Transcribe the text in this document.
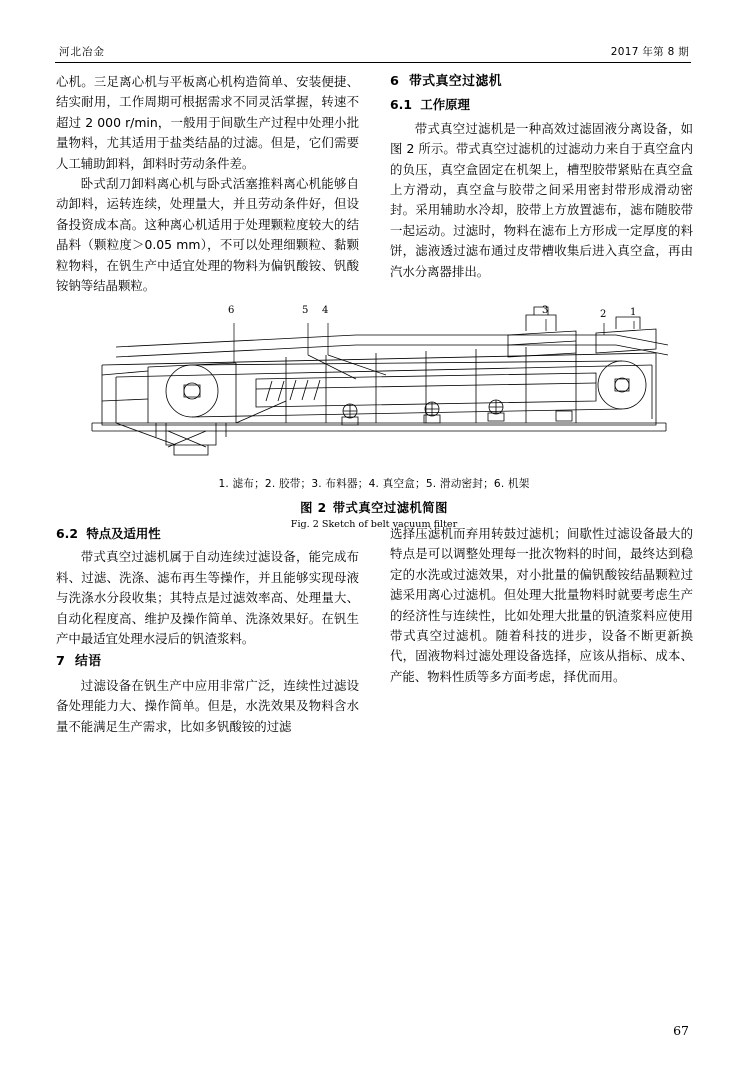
河北冶金	2017 年第 8 期

心机。三足离心机与平板离心机构造简单、安装便捷、结实耐用，工作周期可根据需求不同灵活掌握，转速不超过 2 000 r/min，一般用于间歇生产过程中处理小批量物料，尤其适用于盐类结晶的过滤。但是，它们需要人工辅助卸料，卸料时劳动条件差。

卧式刮刀卸料离心机与卧式活塞推料离心机能够自动卸料，运转连续，处理量大，并且劳动条件好，但设备投资成本高。这种离心机适用于处理颗粒度较大的结晶料（颗粒度＞0.05 mm），不可以处理细颗粒、黏颗粒物料，在钒生产中适宜处理的物料为偏钒酸铵、钒酸铵钠等结晶颗粒。

6 带式真空过滤机

6.1 工作原理

带式真空过滤机是一种高效过滤固液分离设备，如图 2 所示。带式真空过滤机的过滤动力来自于真空盒内的负压，真空盒固定在机架上，槽型胶带紧贴在真空盒上方滑动，真空盒与胶带之间采用密封带形成滑动密封。采用辅助水冷却，胶带上方放置滤布，滤布随胶带一起运动。过滤时，物料在滤布上方形成一定厚度的料饼，滤液透过滤布通过皮带槽收集后进入真空盒，再由汽水分离器排出。

6	5 4	3	2 1
1. 滤布；2. 胶带；3. 布料器；4. 真空盒；5. 滑动密封；6. 机架
图 2 带式真空过滤机简图
Fig. 2 Sketch of belt vacuum filter

6.2 特点及适用性

带式真空过滤机属于自动连续过滤设备，能完成布料、过滤、洗涤、滤布再生等操作，并且能够实现母液与洗涤水分段收集；其特点是过滤效率高、处理量大、自动化程度高、维护及操作简单、洗涤效果好。在钒生产中最适宜处理水浸后的钒渣浆料。

7 结语

过滤设备在钒生产中应用非常广泛，连续性过滤设备处理能力大、操作简单。但是，水洗效果及物料含水量不能满足生产需求，比如多钒酸铵的过滤

选择压滤机而弃用转鼓过滤机；间歇性过滤设备最大的特点是可以调整处理每一批次物料的时间，最终达到稳定的水洗或过滤效果，对小批量的偏钒酸铵结晶颗粒过滤采用离心过滤机。但处理大批量物料时就要考虑生产的经济性与连续性，比如处理大批量的钒渣浆料应使用带式真空过滤机。随着科技的进步，设备不断更新换代，固液物料过滤处理设备选择，应该从指标、成本、产能、物料性质等多方面考虑，择优而用。

67
